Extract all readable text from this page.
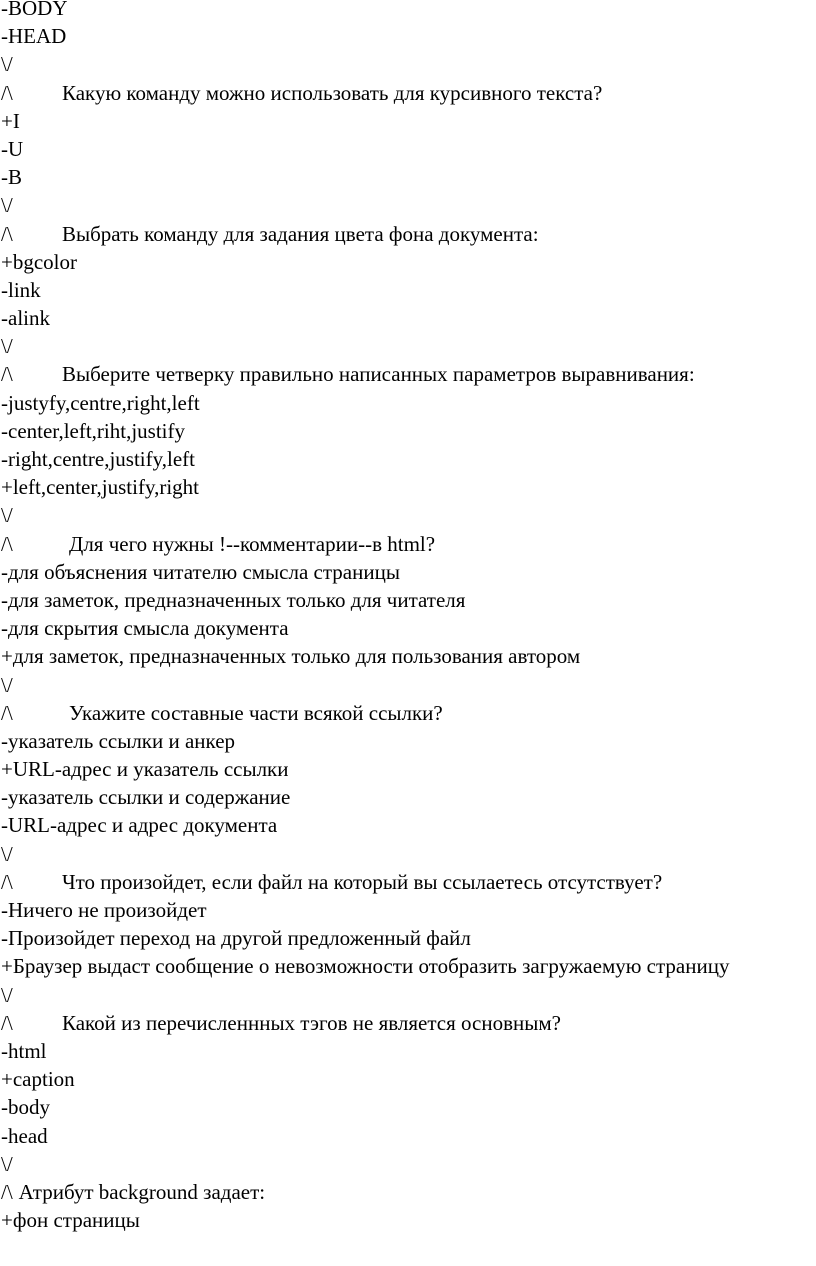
-BODY
-HEAD
\/
/\	Какую команду можно использовать для курсивного текста?
+I
-U
-B
\/
/\	Выбрать команду для задания цвета фона документа:
+bgcolor
-link
-alink
\/
/\	Выберите четверку правильно написанных параметров выравнивания:
-justyfy,centre,right,left
-center,left,riht,justify
-right,centre,justify,left
+left,center,justify,right
\/
/\	Для чего нужны !--комментарии--в html?
-для объяснения читателю смысла страницы
-для заметок, предназначенных только для читателя
-для скрытия смысла документа
+для заметок, предназначенных только для пользования автором
\/
/\	Укажите составные части всякой ссылки?
-указатель ссылки и анкер
+URL-адрес и указатель ссылки
-указатель ссылки и содержание
-URL-адрес и адрес документа
\/
/\	Что произойдет, если файл на который вы ссылаетесь отсутствует?
-Ничего не произойдет
-Произойдет переход на другой предложенный файл
+Браузер выдаст сообщение о невозможности отобразить загружаемую страницу
\/
/\	Какой из перечисленнных тэгов не является основным?
-html
+caption
-body
-head
\/
/\ Атрибут background задает:
+фон страницы
